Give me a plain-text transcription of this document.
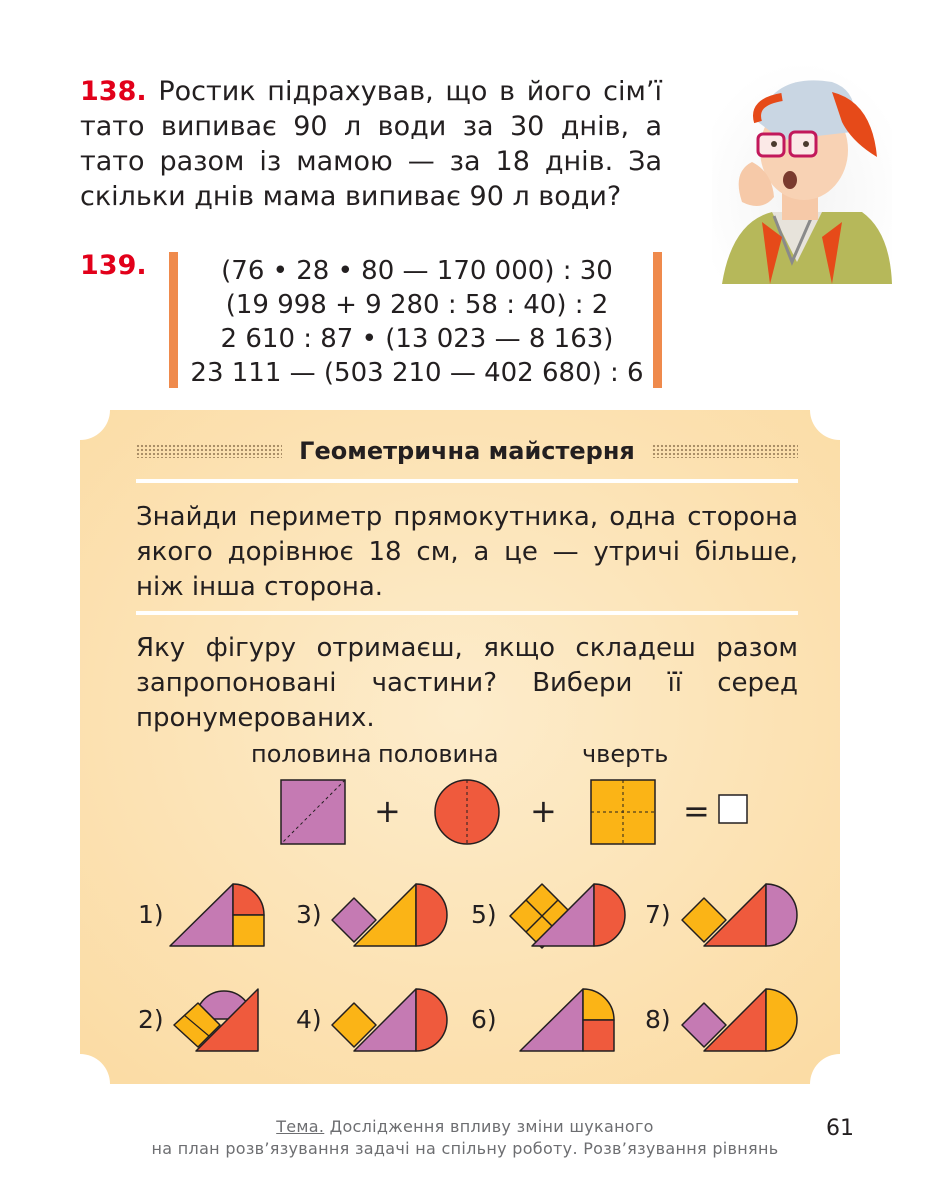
138. Ростик підрахував, що в його сім’ї тато випиває 90 л води за 30 днів, а тато разом із мамою — за 18 днів. За скільки днів мама випиває 90 л води?
139.	(76 • 28 • 80 — 170 000) : 30
(19 998 + 9 280 : 58 : 40) : 2
2 610 : 87 • (13 023 — 8 163)
23 111 — (503 210 — 402 680) : 6
Геометрична майстерня
Знайди периметр прямокутника, одна сторона якого дорівнює 18 см, а це — утричі більше, ніж інша сторона.
Яку фігуру отримаєш, якщо складеш разом запропоновані частини? Вибери її серед пронумерованих.
половина половина	чверть
+	+	=
1)
2)
3)
4)
5)
6)
7)
8)
Тема. Дослідження впливу зміни шуканого
на план розв’язування задачі на спільну роботу. Розв’язування рівнянь
61
